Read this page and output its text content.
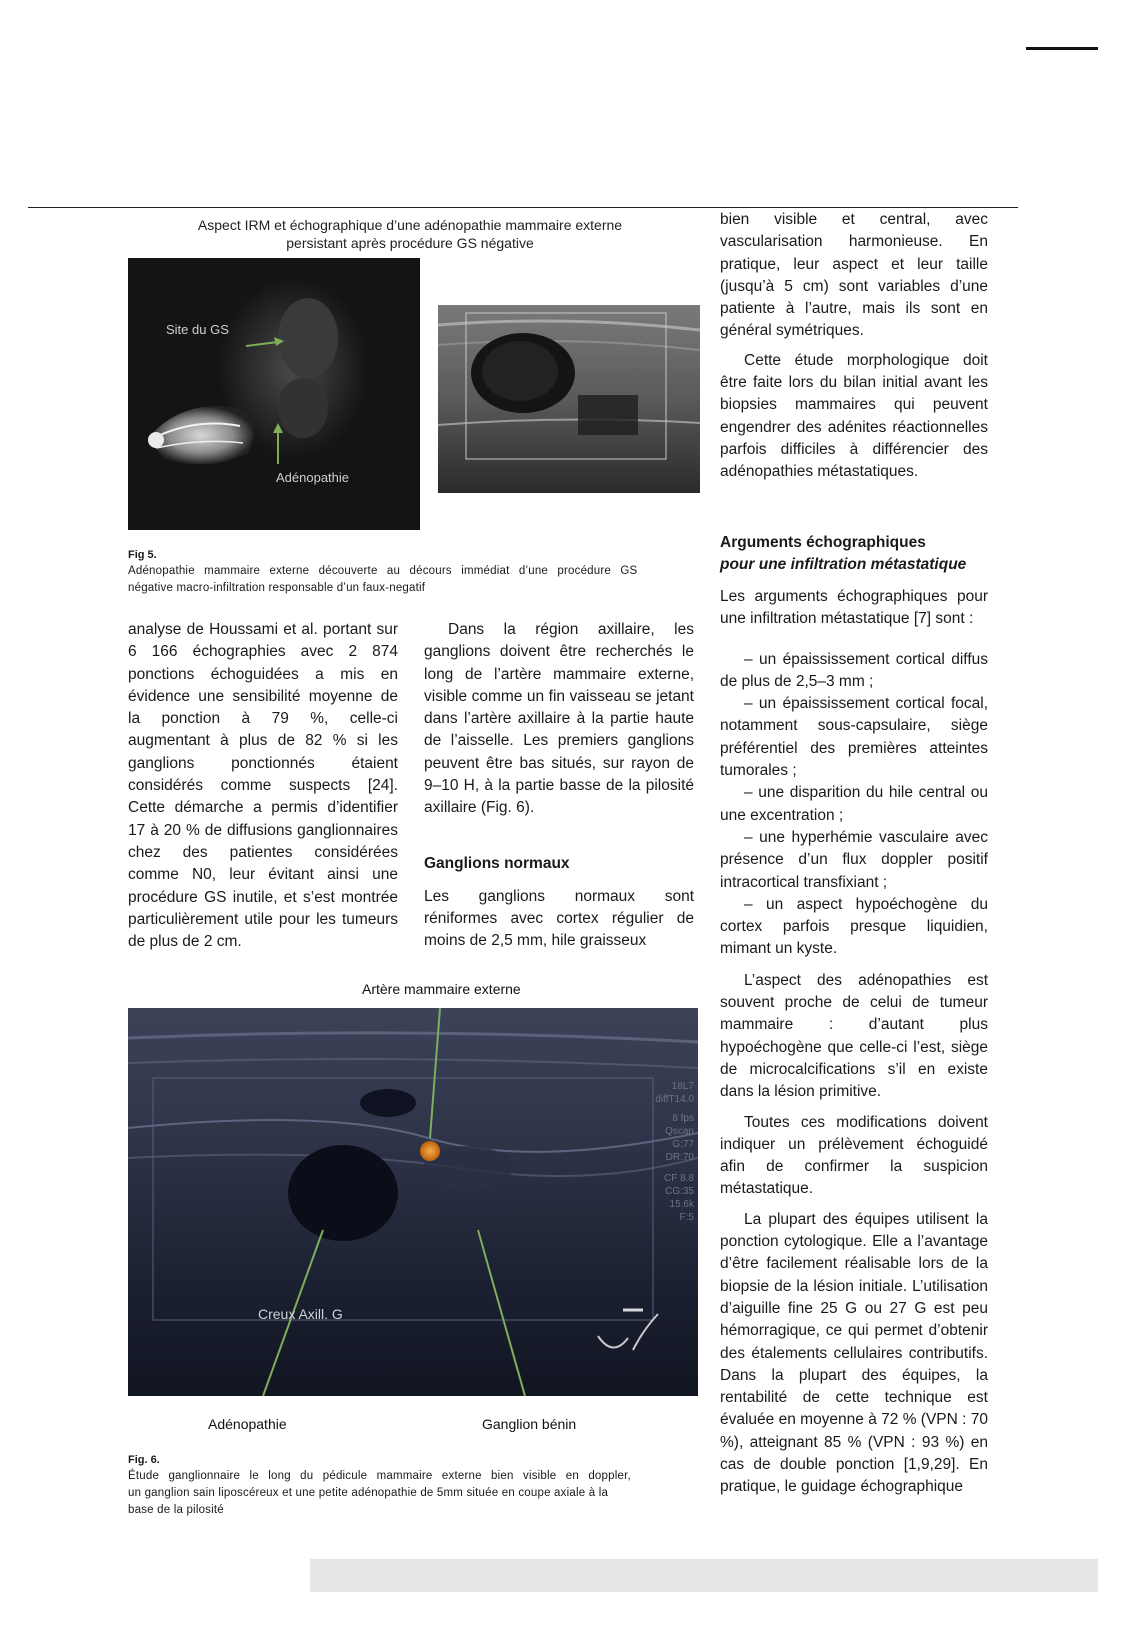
Aspect IRM et échographique d’une adénopathie mammaire externe
persistant après procédure GS négative
Site du GS
Adénopathie
Fig 5.
Adénopathie mammaire externe découverte au décours immédiat d’une procédure GS
négative macro-infiltration responsable d’un faux-negatif

analyse de Houssami et al. portant sur 6 166 échographies avec 2 874 ponctions échoguidées a mis en évidence une sensibilité moyenne de la ponction à 79 %, celle-ci augmentant à plus de 82 % si les ganglions ponctionnés étaient considérés comme suspects [24]. Cette démarche a permis d’identifier 17 à 20 % de diffusions ganglionnaires chez des patientes considérées comme N0, leur évitant ainsi une procédure GS inutile, et s’est montrée particulièrement utile pour les tumeurs de plus de 2 cm.

Dans la région axillaire, les ganglions doivent être recherchés le long de l’artère mammaire externe, visible comme un fin vaisseau se jetant dans l’artère axillaire à la partie haute de l’aisselle. Les premiers ganglions peuvent être bas situés, sur rayon de 9–10 H, à la partie basse de la pilosité axillaire (Fig. 6).

Ganglions normaux

Les ganglions normaux sont réniformes avec cortex régulier de moins de 2,5 mm, hile graisseux

bien visible et central, avec vascularisation harmonieuse. En pratique, leur aspect et leur taille (jusqu’à 5 cm) sont variables d’une patiente à l’autre, mais ils sont en général symétriques.

Cette étude morphologique doit être faite lors du bilan initial avant les biopsies mammaires qui peuvent engendrer des adénites réactionnelles parfois difficiles à différencier des adénopathies métastatiques.

Arguments échographiques
pour une infiltration métastatique

Les arguments échographiques pour une infiltration métastatique [7] sont :

– un épaississement cortical diffus de plus de 2,5–3 mm ;

– un épaississement cortical focal, notamment sous-capsulaire, siège préférentiel des premières atteintes tumorales ;

– une disparition du hile central ou une excentration ;

– une hyperhémie vasculaire avec présence d’un flux doppler positif intracortical transfixiant ;

– un aspect hypoéchogène du cortex parfois presque liquidien, mimant un kyste.

L’aspect des adénopathies est souvent proche de celui de tumeur mammaire : d’autant plus hypoéchogène que celle-ci l’est, siège de microcalcifications s’il en existe dans la lésion primitive.

Toutes ces modifications doivent indiquer un prélèvement échoguidé afin de confirmer la suspicion métastatique.

La plupart des équipes utilisent la ponction cytologique. Elle a l’avantage d’être facilement réalisable lors de la biopsie de la lésion initiale. L’utilisation d’aiguille fine 25 G ou 27 G est peu hémorragique, ce qui permet d’obtenir des étalements cellulaires contributifs. Dans la plupart des équipes, la rentabilité de cette technique est évaluée en moyenne à 72 % (VPN : 70 %), atteignant 85 % (VPN : 93 %) en cas de double ponction [1,9,29]. En pratique, le guidage échographique

Artère mammaire externe
Creux Axill. G
18L7
diffT14.0
8 fps
Qscan
G:77
DR:70
CF 8.8
CG:35
15.6k
F:5
Adénopathie	Ganglion bénin
Fig. 6.
Étude ganglionnaire le long du pédicule mammaire externe bien visible en doppler,
un ganglion sain liposcéreux et une petite adénopathie de 5mm située en coupe axiale à la
base de la pilosité
